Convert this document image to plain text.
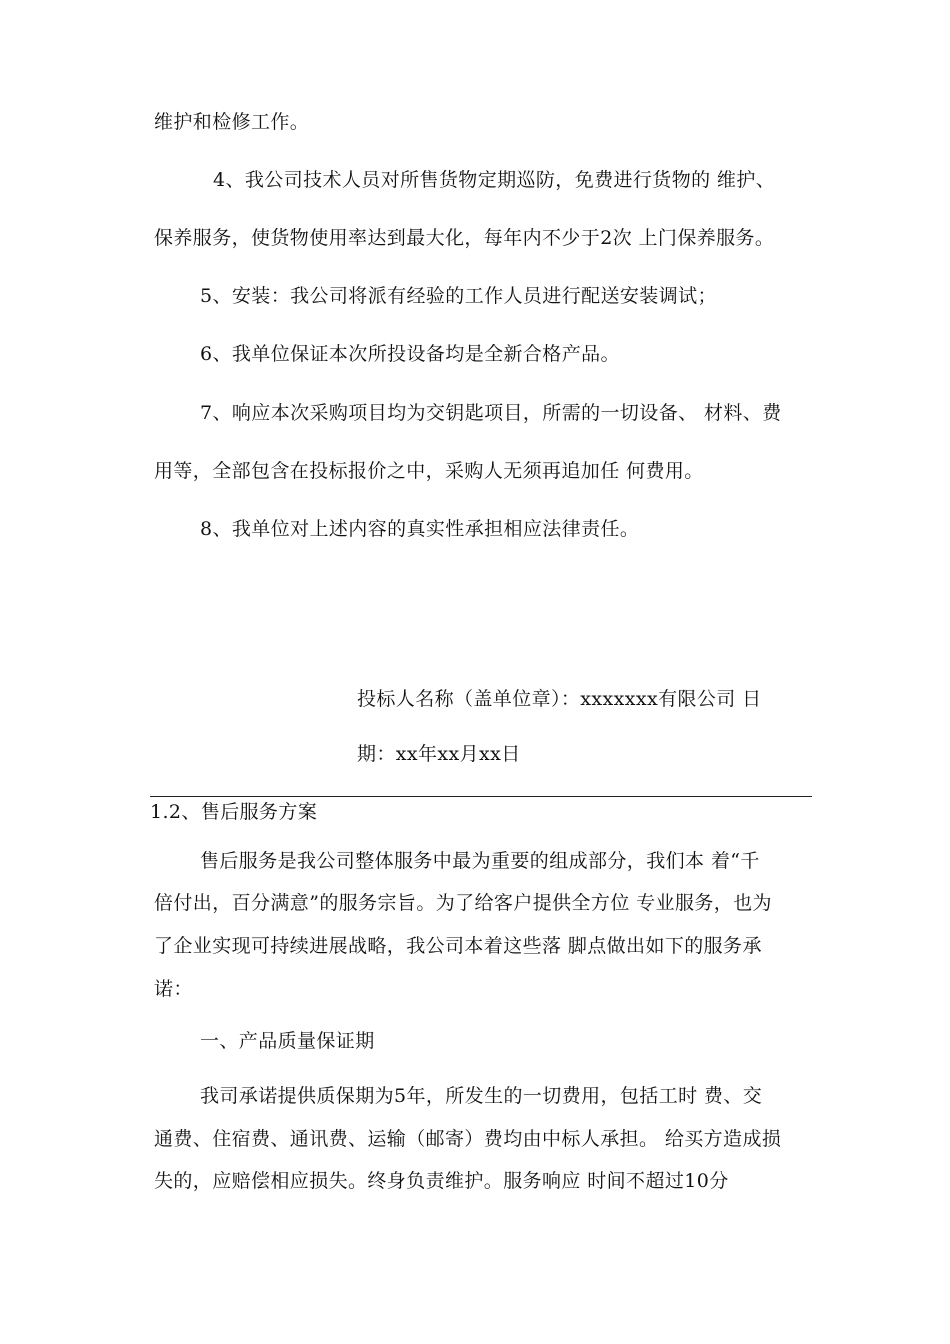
维护和检修工作。
4、我公司技术人员对所售货物定期巡防，免费进行货物的 维护、
保养服务，使货物使用率达到最大化，每年内不少于2次 上门保养服务。
5、安装：我公司将派有经验的工作人员进行配送安装调试；
6、我单位保证本次所投设备均是全新合格产品。
7、响应本次采购项目均为交钥匙项目，所需的一切设备、 材料、费
用等，全部包含在投标报价之中，采购人无须再追加任 何费用。
8、我单位对上述内容的真实性承担相应法律责任。
投标人名称（盖单位章）：xxxxxxx有限公司 日
期：xx年xx月xx日
1.2、售后服务方案
售后服务是我公司整体服务中最为重要的组成部分，我们本 着“千
倍付出，百分满意”的服务宗旨。为了给客户提供全方位 专业服务，也为
了企业实现可持续进展战略，我公司本着这些落 脚点做出如下的服务承
诺：
一、产品质量保证期
我司承诺提供质保期为5年，所发生的一切费用，包括工时 费、交
通费、住宿费、通讯费、运输（邮寄）费均由中标人承担。 给买方造成损
失的，应赔偿相应损失。终身负责维护。服务响应 时间不超过10分
